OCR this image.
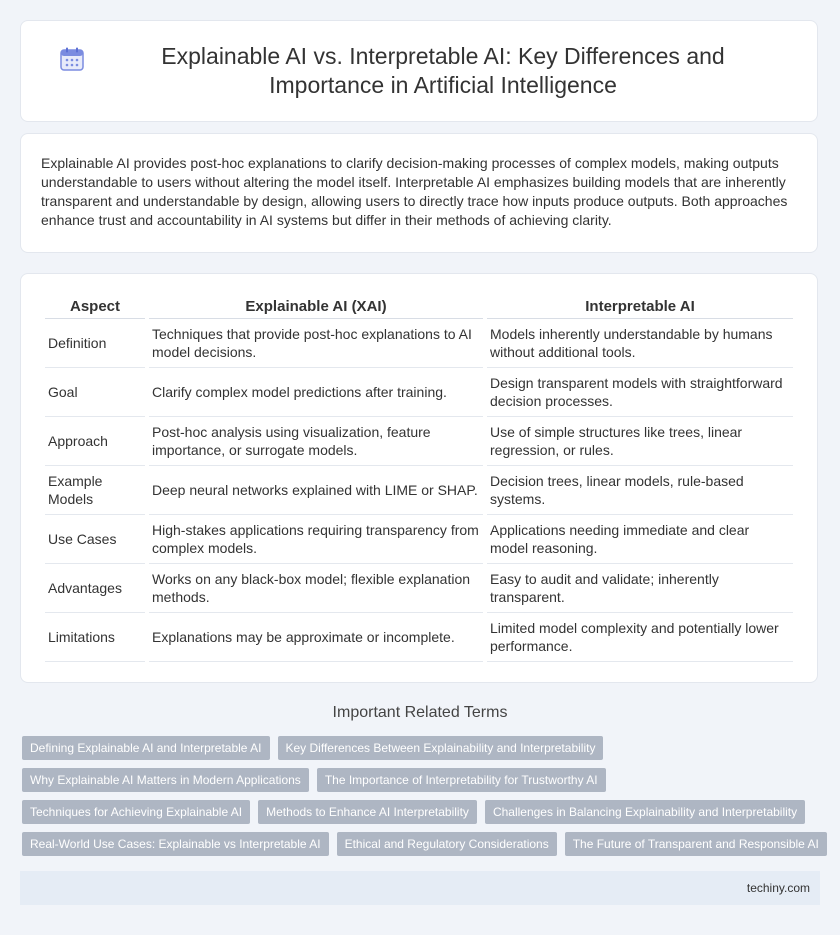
Explainable AI vs. Interpretable AI: Key Differences and Importance in Artificial Intelligence

Explainable AI provides post-hoc explanations to clarify decision-making processes of complex models, making outputs understandable to users without altering the model itself. Interpretable AI emphasizes building models that are inherently transparent and understandable by design, allowing users to directly trace how inputs produce outputs. Both approaches enhance trust and accountability in AI systems but differ in their methods of achieving clarity.

Aspect	Explainable AI (XAI)	Interpretable AI
Definition	Techniques that provide post-hoc explanations to AI model decisions.	Models inherently understandable by humans without additional tools.
Goal	Clarify complex model predictions after training.	Design transparent models with straightforward decision processes.
Approach	Post-hoc analysis using visualization, feature importance, or surrogate models.	Use of simple structures like trees, linear regression, or rules.
Example Models	Deep neural networks explained with LIME or SHAP.	Decision trees, linear models, rule-based systems.
Use Cases	High-stakes applications requiring transparency from complex models.	Applications needing immediate and clear model reasoning.
Advantages	Works on any black-box model; flexible explanation methods.	Easy to audit and validate; inherently transparent.
Limitations	Explanations may be approximate or incomplete.	Limited model complexity and potentially lower performance.
Important Related Terms
Defining Explainable AI and Interpretable AI	Key Differences Between Explainability and Interpretability
Why Explainable AI Matters in Modern Applications	The Importance of Interpretability for Trustworthy AI
Techniques for Achieving Explainable AI	Methods to Enhance AI Interpretability	Challenges in Balancing Explainability and Interpretability
Real-World Use Cases: Explainable vs Interpretable AI	Ethical and Regulatory Considerations	The Future of Transparent and Responsible AI
techiny.com
